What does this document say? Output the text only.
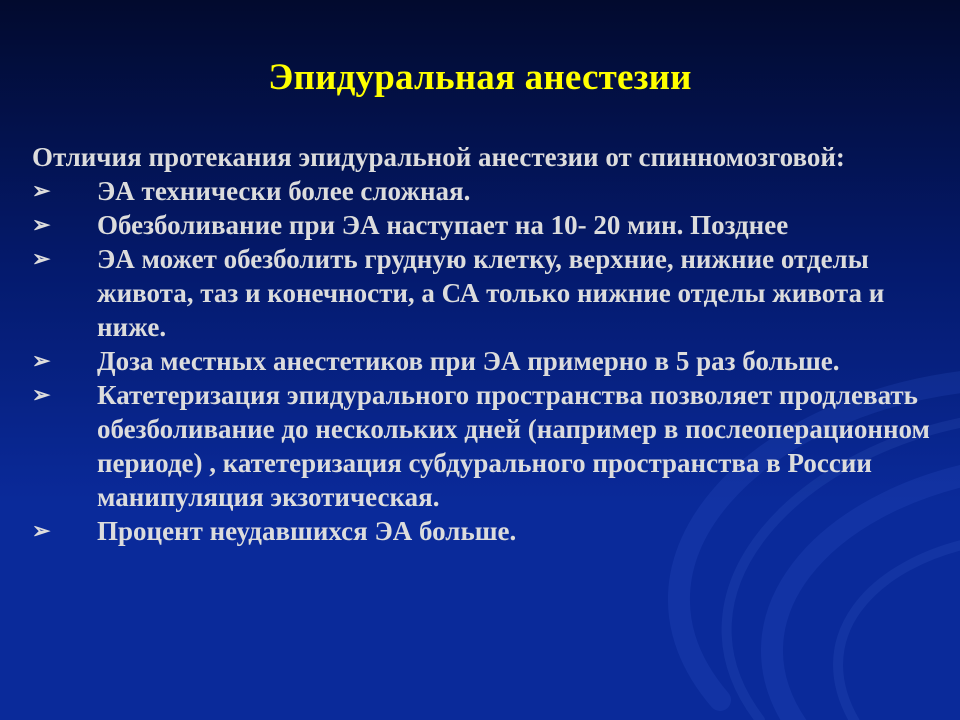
Эпидуральная анестезии
Отличия протекания эпидуральной анестезии от спинномозговой:
➢ ЭА технически более сложная.
➢ Обезболивание при ЭА наступает на 10- 20 мин. Позднее
➢ ЭА может обезболить грудную клетку, верхние, нижние отделы живота, таз и конечности, а СА только нижние отделы живота и ниже.
➢ Доза местных анестетиков при ЭА примерно в 5 раз больше.
➢ Катетеризация эпидурального пространства позволяет продлевать обезболивание до нескольких дней (например в послеоперационном периоде) , катетеризация субдурального пространства в России манипуляция экзотическая.
➢ Процент неудавшихся ЭА больше.
